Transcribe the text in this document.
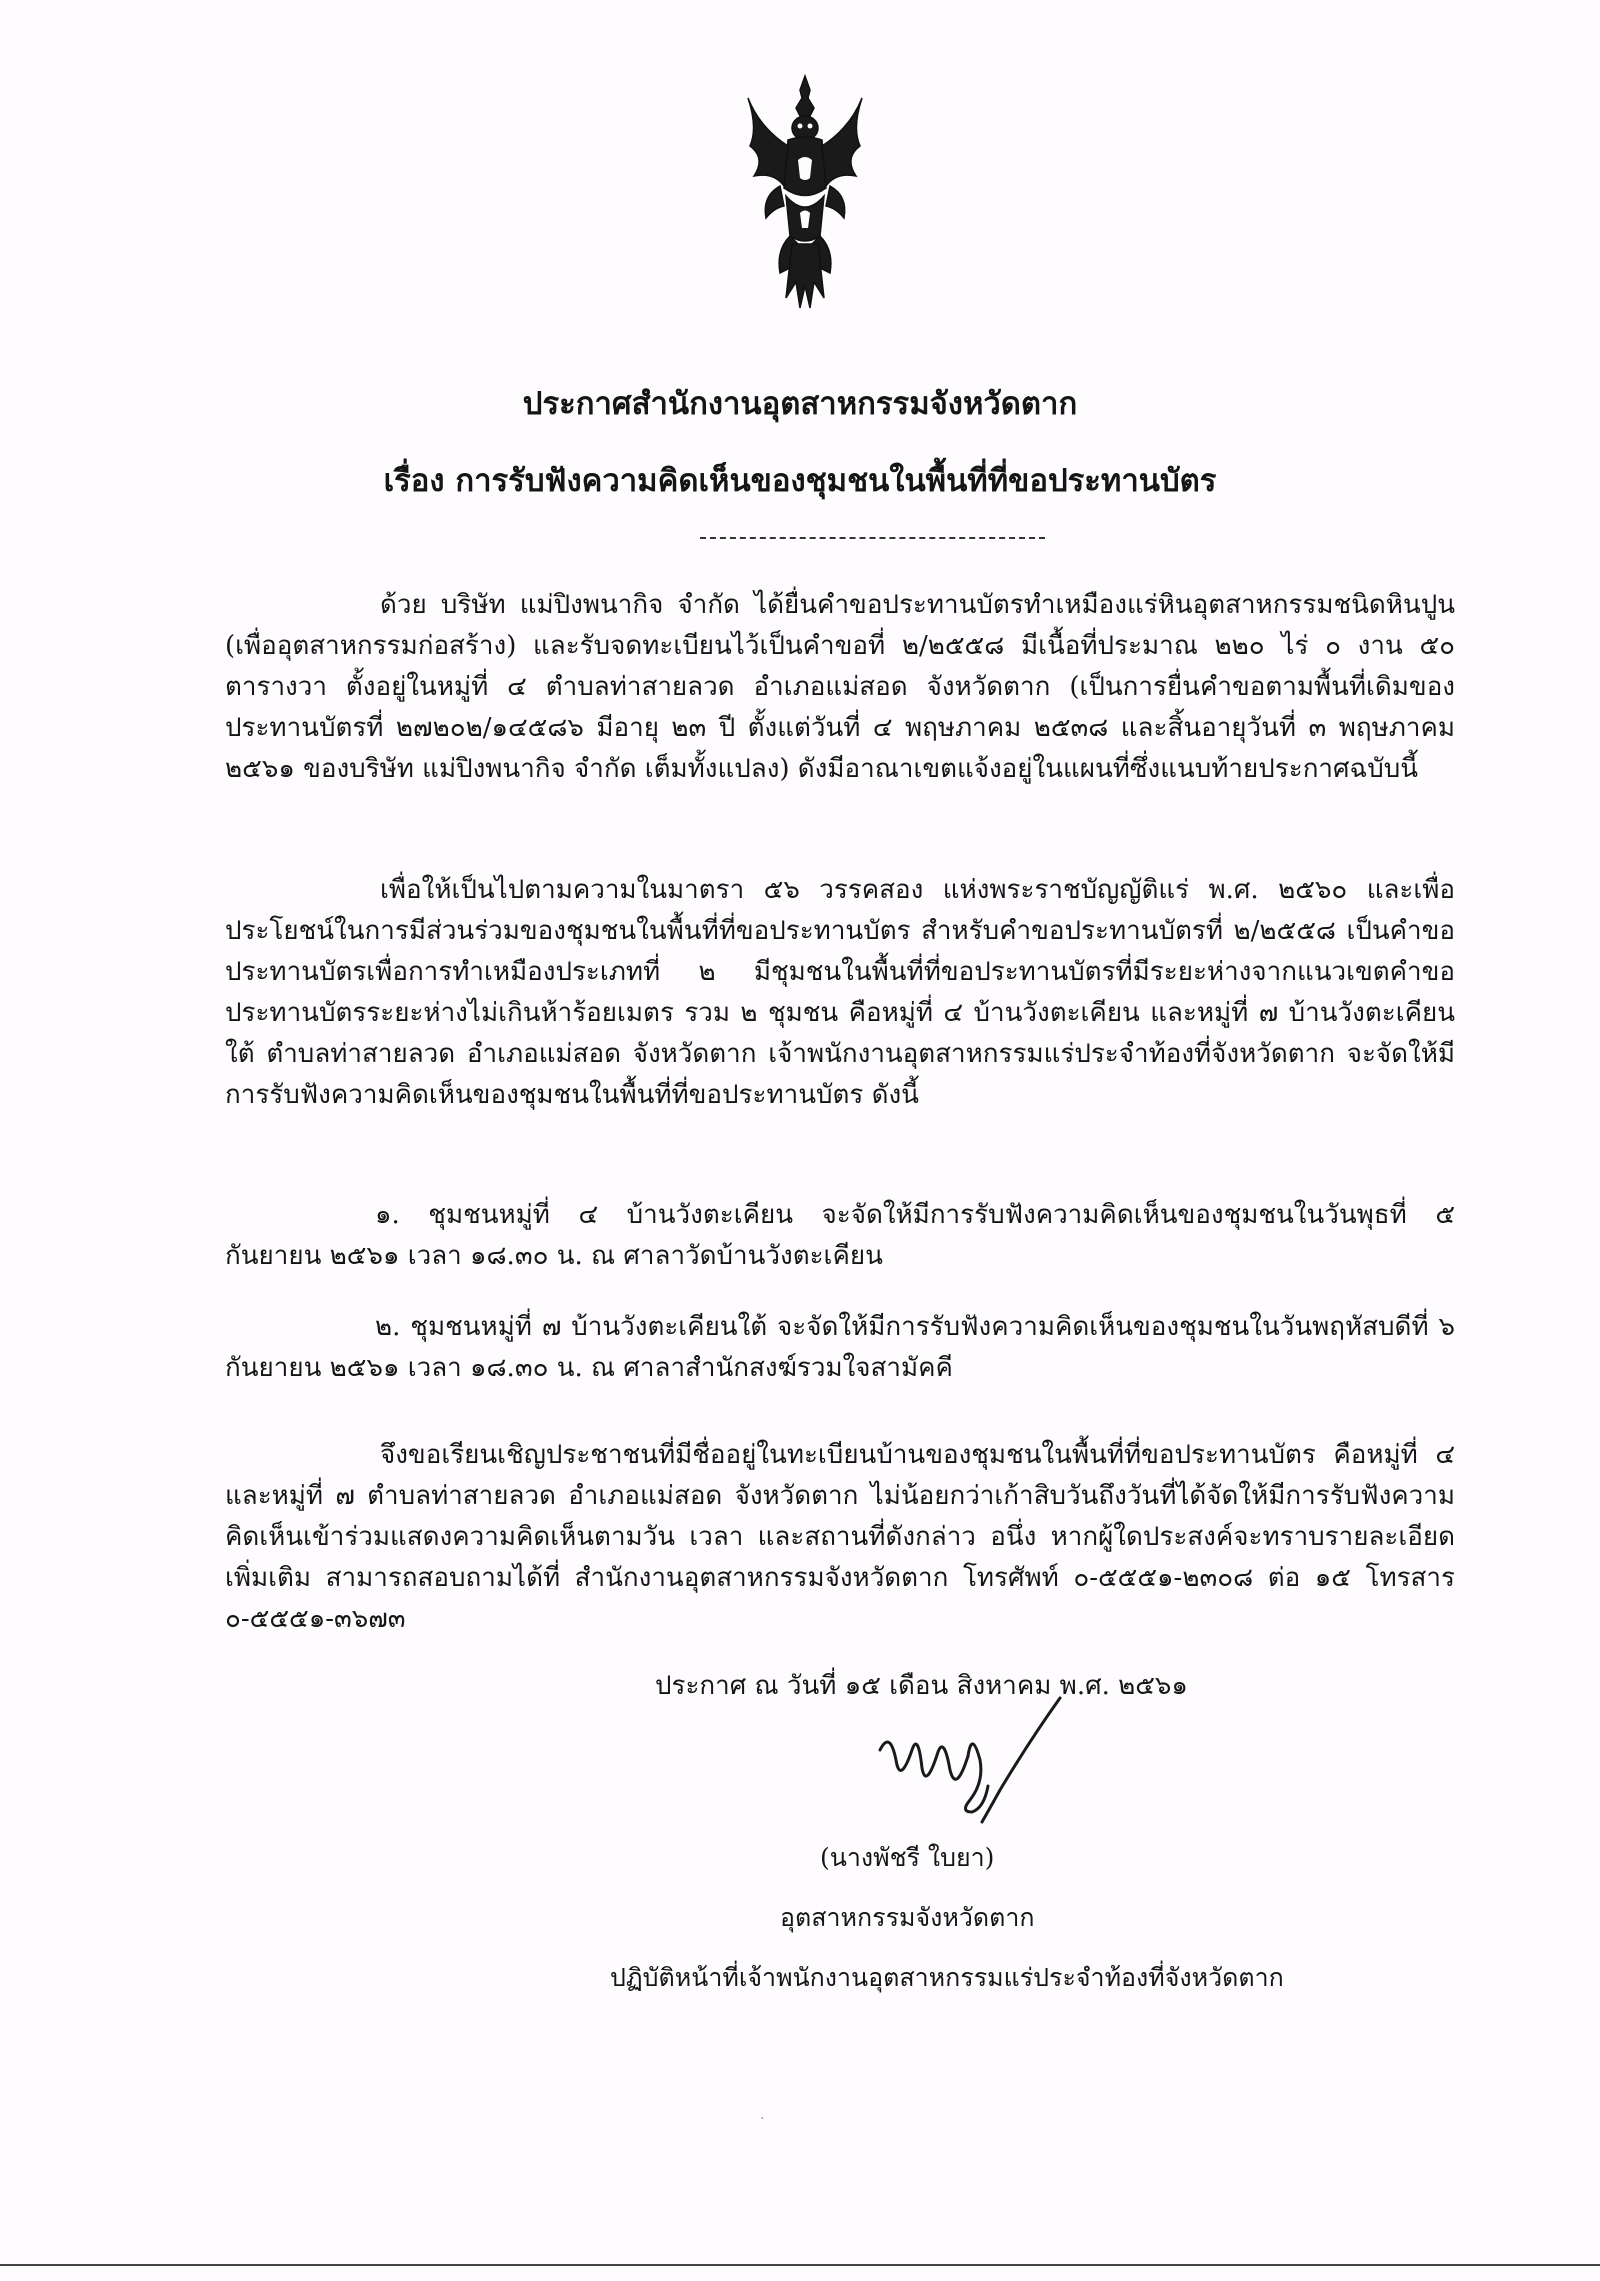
ประกาศสำนักงานอุตสาหกรรมจังหวัดตาก
เรื่อง การรับฟังความคิดเห็นของชุมชนในพื้นที่ที่ขอประทานบัตร

ด้วย บริษัท แม่ปิงพนากิจ จำกัด ได้ยื่นคำขอประทานบัตรทำเหมืองแร่หินอุตสาหกรรมชนิดหินปูน (เพื่ออุตสาหกรรมก่อสร้าง) และรับจดทะเบียนไว้เป็นคำขอที่ ๒/๒๕๕๘ มีเนื้อที่ประมาณ ๒๒๐ ไร่ ๐ งาน ๕๐ ตารางวา ตั้งอยู่ในหมู่ที่ ๔ ตำบลท่าสายลวด อำเภอแม่สอด จังหวัดตาก (เป็นการยื่นคำขอตามพื้นที่เดิมของประทานบัตรที่ ๒๗๒๐๒/๑๔๕๘๖ มีอายุ ๒๓ ปี ตั้งแต่วันที่ ๔ พฤษภาคม ๒๕๓๘ และสิ้นอายุวันที่ ๓ พฤษภาคม ๒๕๖๑ ของบริษัท แม่ปิงพนากิจ จำกัด เต็มทั้งแปลง) ดังมีอาณาเขตแจ้งอยู่ในแผนที่ซึ่งแนบท้ายประกาศฉบับนี้

เพื่อให้เป็นไปตามความในมาตรา ๕๖ วรรคสอง แห่งพระราชบัญญัติแร่ พ.ศ. ๒๕๖๐ และเพื่อประโยชน์ในการมีส่วนร่วมของชุมชนในพื้นที่ที่ขอประทานบัตร สำหรับคำขอประทานบัตรที่ ๒/๒๕๕๘ เป็นคำขอประทานบัตรเพื่อการทำเหมืองประเภทที่ ๒ มีชุมชนในพื้นที่ที่ขอประทานบัตรที่มีระยะห่างจากแนวเขตคำขอประทานบัตรระยะห่างไม่เกินห้าร้อยเมตร รวม ๒ ชุมชน คือหมู่ที่ ๔ บ้านวังตะเคียน และหมู่ที่ ๗ บ้านวังตะเคียนใต้ ตำบลท่าสายลวด อำเภอแม่สอด จังหวัดตาก เจ้าพนักงานอุตสาหกรรมแร่ประจำท้องที่จังหวัดตาก จะจัดให้มีการรับฟังความคิดเห็นของชุมชนในพื้นที่ที่ขอประทานบัตร ดังนี้

๑. ชุมชนหมู่ที่ ๔ บ้านวังตะเคียน จะจัดให้มีการรับฟังความคิดเห็นของชุมชนในวันพุธที่ ๕ กันยายน ๒๕๖๑ เวลา ๑๘.๓๐ น. ณ ศาลาวัดบ้านวังตะเคียน

๒. ชุมชนหมู่ที่ ๗ บ้านวังตะเคียนใต้ จะจัดให้มีการรับฟังความคิดเห็นของชุมชนในวันพฤหัสบดีที่ ๖ กันยายน ๒๕๖๑ เวลา ๑๘.๓๐ น. ณ ศาลาสำนักสงฆ์รวมใจสามัคคี

จึงขอเรียนเชิญประชาชนที่มีชื่ออยู่ในทะเบียนบ้านของชุมชนในพื้นที่ที่ขอประทานบัตร คือหมู่ที่ ๔ และหมู่ที่ ๗ ตำบลท่าสายลวด อำเภอแม่สอด จังหวัดตาก ไม่น้อยกว่าเก้าสิบวันถึงวันที่ได้จัดให้มีการรับฟังความคิดเห็นเข้าร่วมแสดงความคิดเห็นตามวัน เวลา และสถานที่ดังกล่าว อนึ่ง หากผู้ใดประสงค์จะทราบรายละเอียดเพิ่มเติม สามารถสอบถามได้ที่ สำนักงานอุตสาหกรรมจังหวัดตาก โทรศัพท์ ๐-๕๕๕๑-๒๓๐๘ ต่อ ๑๕ โทรสาร ๐-๕๕๕๑-๓๖๗๓

ประกาศ ณ วันที่ ๑๕ เดือน สิงหาคม พ.ศ. ๒๕๖๑
(นางพัชรี ใบยา)
อุตสาหกรรมจังหวัดตาก
ปฏิบัติหน้าที่เจ้าพนักงานอุตสาหกรรมแร่ประจำท้องที่จังหวัดตาก
·
